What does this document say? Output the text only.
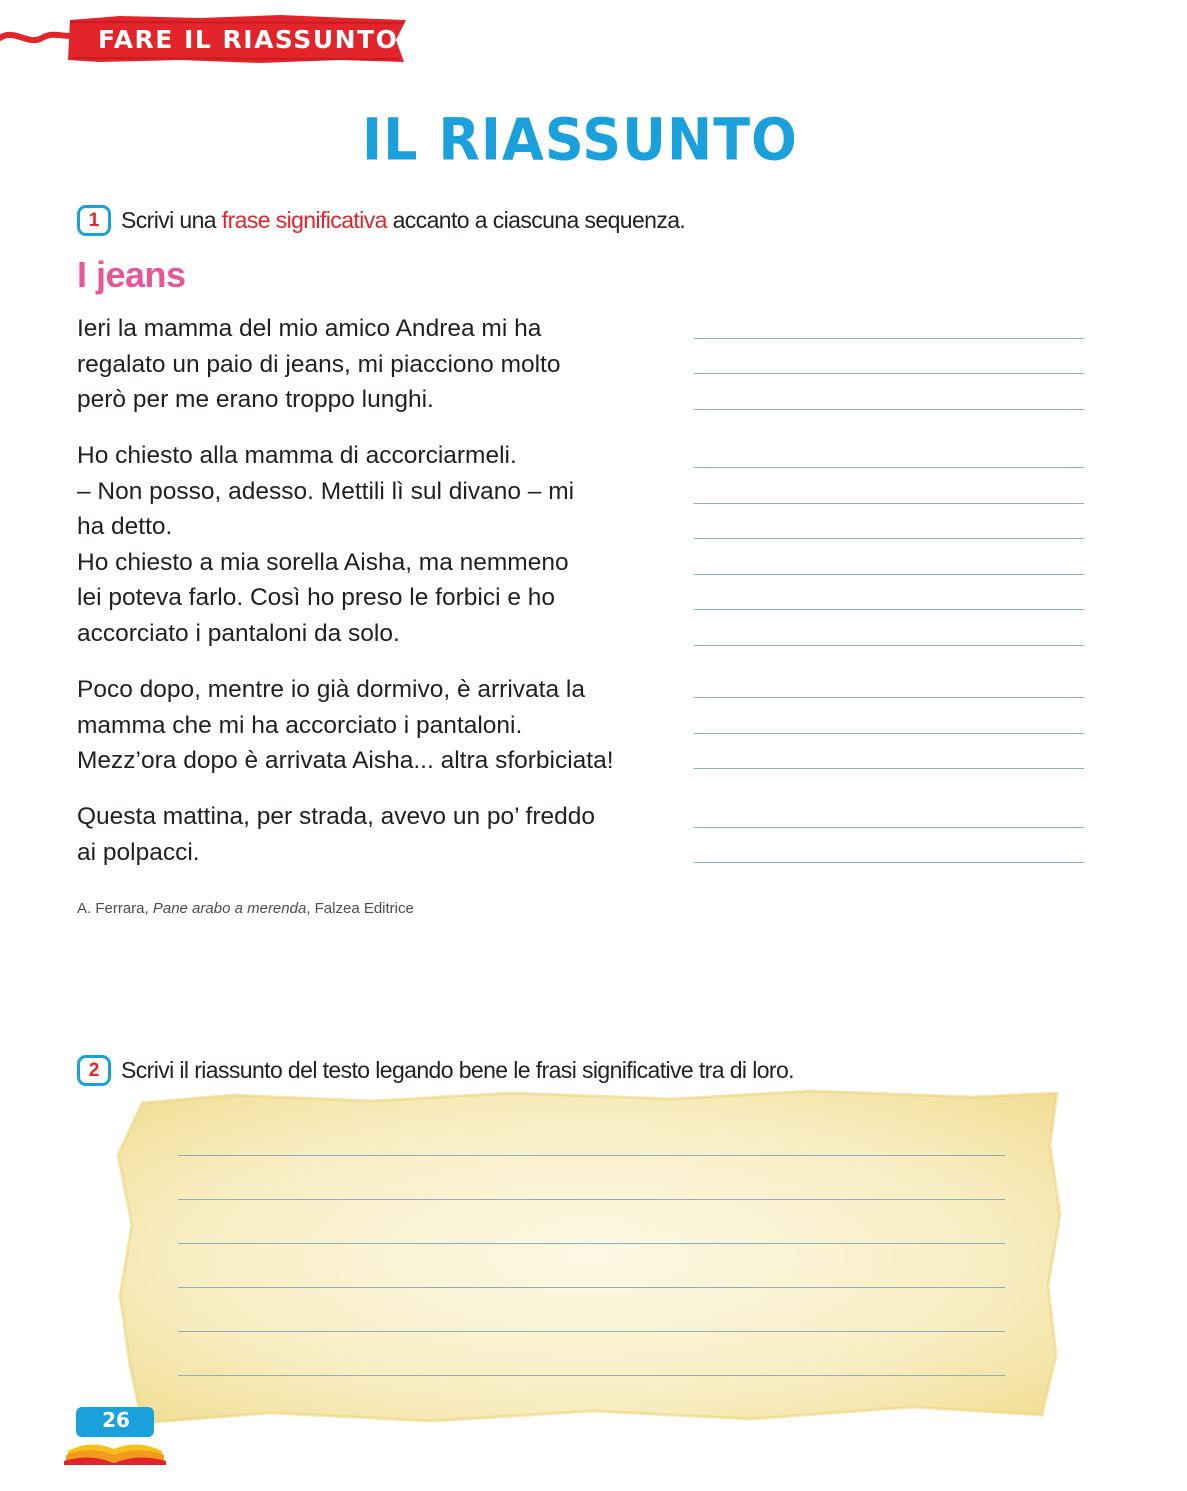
FARE IL RIASSUNTO
IL RIASSUNTO
1 Scrivi una frase significativa accanto a ciascuna sequenza.
I jeans
Ieri la mamma del mio amico Andrea mi ha
regalato un paio di jeans, mi piacciono molto
però per me erano troppo lunghi.
Ho chiesto alla mamma di accorciarmeli.
– Non posso, adesso. Mettili lì sul divano – mi
ha detto.
Ho chiesto a mia sorella Aisha, ma nemmeno
lei poteva farlo. Così ho preso le forbici e ho
accorciato i pantaloni da solo.
Poco dopo, mentre io già dormivo, è arrivata la
mamma che mi ha accorciato i pantaloni.
Mezz’ora dopo è arrivata Aisha... altra sforbiciata!
Questa mattina, per strada, avevo un po’ freddo
ai polpacci.
A. Ferrara, Pane arabo a merenda, Falzea Editrice
2 Scrivi il riassunto del testo legando bene le frasi significative tra di loro.
26
